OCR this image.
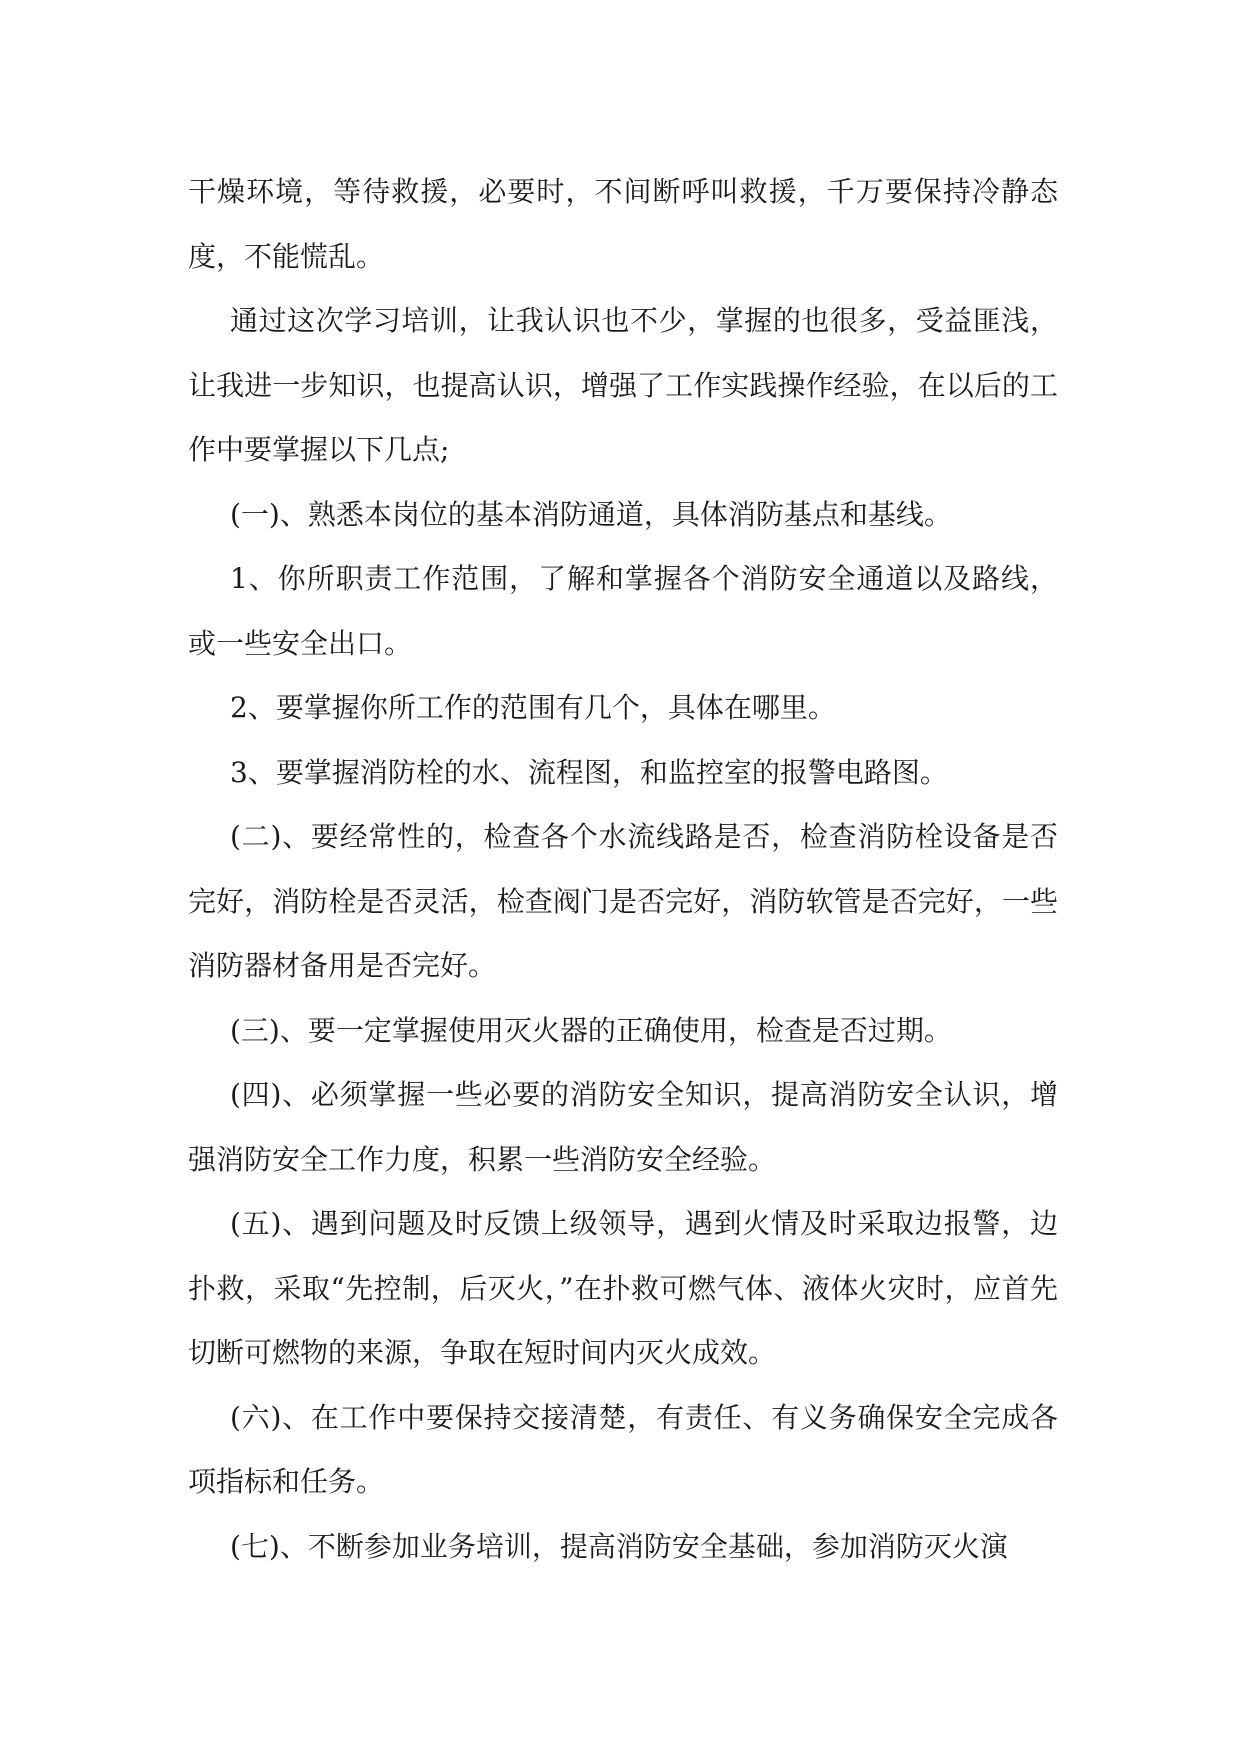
干燥环境，等待救援，必要时，不间断呼叫救援，千万要保持冷静态度，不能慌乱。

通过这次学习培训，让我认识也不少，掌握的也很多，受益匪浅，让我进一步知识，也提高认识，增强了工作实践操作经验，在以后的工作中要掌握以下几点;

(一)、熟悉本岗位的基本消防通道，具体消防基点和基线。

1、你所职责工作范围，了解和掌握各个消防安全通道以及路线，或一些安全出口。

2、要掌握你所工作的范围有几个，具体在哪里。

3、要掌握消防栓的水、流程图，和监控室的报警电路图。

(二)、要经常性的，检查各个水流线路是否，检查消防栓设备是否完好，消防栓是否灵活，检查阀门是否完好，消防软管是否完好，一些消防器材备用是否完好。

(三)、要一定掌握使用灭火器的正确使用，检查是否过期。

(四)、必须掌握一些必要的消防安全知识，提高消防安全认识，增强消防安全工作力度，积累一些消防安全经验。

(五)、遇到问题及时反馈上级领导，遇到火情及时采取边报警，边扑救，采取“先控制，后灭火，”在扑救可燃气体、液体火灾时，应首先切断可燃物的来源，争取在短时间内灭火成效。

(六)、在工作中要保持交接清楚，有责任、有义务确保安全完成各项指标和任务。

(七)、不断参加业务培训，提高消防安全基础，参加消防灭火演
